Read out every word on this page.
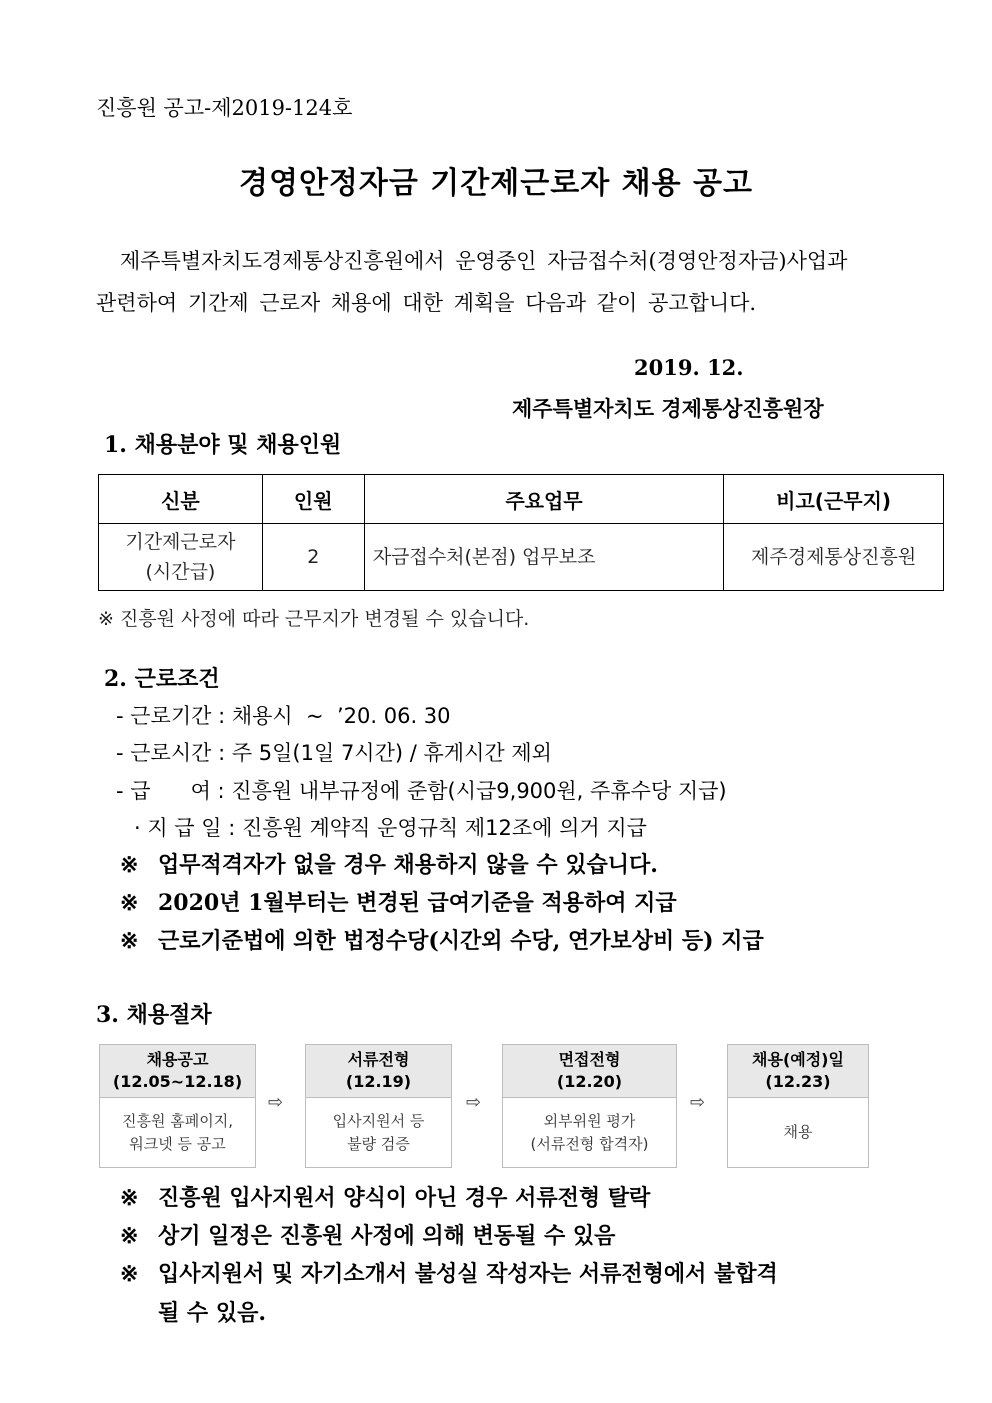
진흥원 공고-제2019-124호
경영안정자금 기간제근로자 채용 공고
제주특별자치도경제통상진흥원에서 운영중인 자금접수처(경영안정자금)사업과
관련하여 기간제 근로자 채용에 대한 계획을 다음과 같이 공고합니다.
2019. 12.
제주특별자치도 경제통상진흥원장
1. 채용분야 및 채용인원
신분	인원	주요업무	비고(근무지)

기간제근로자
(시간급)	2	자금접수처(본점) 업무보조	제주경제통상진흥원
※ 진흥원 사정에 따라 근무지가 변경될 수 있습니다.
2. 근로조건
- 근로기간 : 채용시  ~  ’20. 06. 30
- 근로시간 : 주 5일(1일 7시간) / 휴게시간 제외
- 급      여 : 진흥원 내부규정에 준함(시급9,900원, 주휴수당 지급)
· 지 급 일 : 진흥원 계약직 운영규칙 제12조에 의거 지급
※ 업무적격자가 없을 경우 채용하지 않을 수 있습니다.
※ 2020년 1월부터는 변경된 급여기준을 적용하여 지급
※ 근로기준법에 의한 법정수당(시간외 수당, 연가보상비 등) 지급
3. 채용절차
채용공고
(12.05~12.18)
진흥원 홈페이지,
워크넷 등 공고
⇨
서류전형
(12.19)
입사지원서 등
불량 검증
⇨
면접전형
(12.20)
외부위원 평가
(서류전형 합격자)
⇨
채용(예정)일
(12.23)
채용
※ 진흥원 입사지원서 양식이 아닌 경우 서류전형 탈락
※ 상기 일정은 진흥원 사정에 의해 변동될 수 있음
※ 입사지원서 및 자기소개서 불성실 작성자는 서류전형에서 불합격
될 수 있음.
